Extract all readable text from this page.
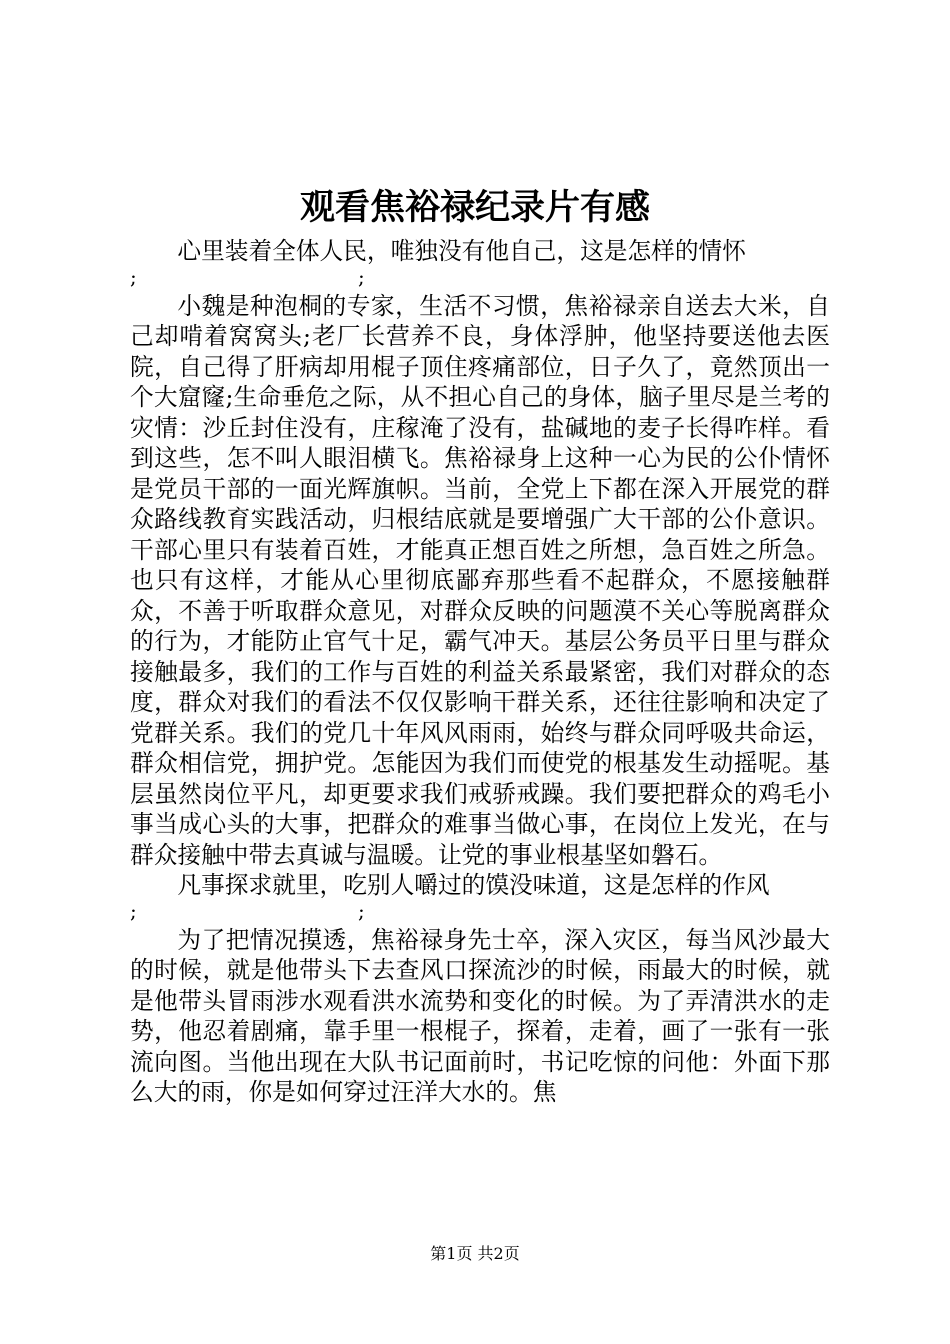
观看焦裕禄纪录片有感

心里装着全体人民，唯独没有他自己，这是怎样的情怀

;	;

小魏是种泡桐的专家，生活不习惯，焦裕禄亲自送去大米，自己却啃着窝窝头;老厂长营养不良，身体浮肿，他坚持要送他去医院，自己得了肝病却用棍子顶住疼痛部位，日子久了，竟然顶出一个大窟窿;生命垂危之际，从不担心自己的身体，脑子里尽是兰考的灾情：沙丘封住没有，庄稼淹了没有，盐碱地的麦子长得咋样。看到这些，怎不叫人眼泪横飞。焦裕禄身上这种一心为民的公仆情怀是党员干部的一面光辉旗帜。当前，全党上下都在深入开展党的群众路线教育实践活动，归根结底就是要增强广大干部的公仆意识。干部心里只有装着百姓，才能真正想百姓之所想，急百姓之所急。也只有这样，才能从心里彻底鄙弃那些看不起群众，不愿接触群众，不善于听取群众意见，对群众反映的问题漠不关心等脱离群众的行为，才能防止官气十足，霸气冲天。基层公务员平日里与群众接触最多，我们的工作与百姓的利益关系最紧密，我们对群众的态度，群众对我们的看法不仅仅影响干群关系，还往往影响和决定了党群关系。我们的党几十年风风雨雨，始终与群众同呼吸共命运，群众相信党，拥护党。怎能因为我们而使党的根基发生动摇呢。基层虽然岗位平凡，却更要求我们戒骄戒躁。我们要把群众的鸡毛小事当成心头的大事，把群众的难事当做心事，在岗位上发光，在与群众接触中带去真诚与温暖。让党的事业根基坚如磐石。

凡事探求就里，吃别人嚼过的馍没味道，这是怎样的作风

;	;

为了把情况摸透，焦裕禄身先士卒，深入灾区，每当风沙最大的时候，就是他带头下去查风口探流沙的时候，雨最大的时候，就是他带头冒雨涉水观看洪水流势和变化的时候。为了弄清洪水的走势，他忍着剧痛，靠手里一根棍子，探着，走着，画了一张有一张流向图。当他出现在大队书记面前时，书记吃惊的问他：外面下那么大的雨，你是如何穿过汪洋大水的。焦

第1页 共2页
